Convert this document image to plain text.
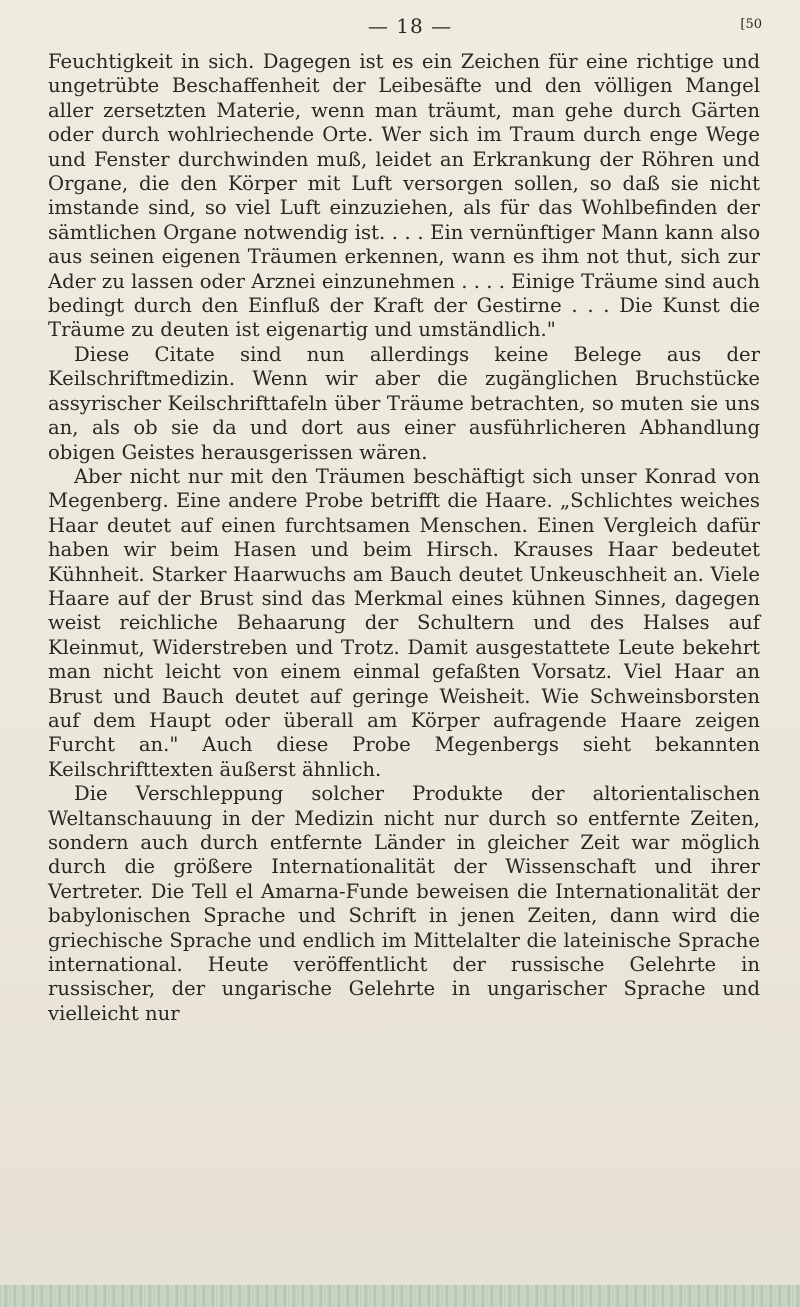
— 18 —	[50

Feuchtigkeit in sich. Dagegen ist es ein Zeichen für eine richtige und ungetrübte Beschaffenheit der Leibesäfte und den völligen Mangel aller zersetzten Materie, wenn man träumt, man gehe durch Gärten oder durch wohlriechende Orte. Wer sich im Traum durch enge Wege und Fenster durchwinden muß, leidet an Erkrankung der Röhren und Organe, die den Körper mit Luft versorgen sollen, so daß sie nicht imstande sind, so viel Luft einzuziehen, als für das Wohlbefinden der sämtlichen Organe notwendig ist. . . . Ein vernünftiger Mann kann also aus seinen eigenen Träumen erkennen, wann es ihm not thut, sich zur Ader zu lassen oder Arznei einzunehmen . . . . Einige Träume sind auch bedingt durch den Einfluß der Kraft der Gestirne . . . Die Kunst die Träume zu deuten ist eigenartig und umständlich."

Diese Citate sind nun allerdings keine Belege aus der Keilschriftmedizin. Wenn wir aber die zugänglichen Bruchstücke assyrischer Keilschrifttafeln über Träume betrachten, so muten sie uns an, als ob sie da und dort aus einer ausführlicheren Abhandlung obigen Geistes herausgerissen wären.

Aber nicht nur mit den Träumen beschäftigt sich unser Konrad von Megenberg. Eine andere Probe betrifft die Haare. „Schlichtes weiches Haar deutet auf einen furchtsamen Menschen. Einen Vergleich dafür haben wir beim Hasen und beim Hirsch. Krauses Haar bedeutet Kühnheit. Starker Haarwuchs am Bauch deutet Unkeuschheit an. Viele Haare auf der Brust sind das Merkmal eines kühnen Sinnes, dagegen weist reichliche Behaarung der Schultern und des Halses auf Kleinmut, Widerstreben und Trotz. Damit ausgestattete Leute bekehrt man nicht leicht von einem einmal gefaßten Vorsatz. Viel Haar an Brust und Bauch deutet auf geringe Weisheit. Wie Schweinsborsten auf dem Haupt oder überall am Körper aufragende Haare zeigen Furcht an." Auch diese Probe Megenbergs sieht bekannten Keilschrifttexten äußerst ähnlich.

Die Verschleppung solcher Produkte der altorientalischen Weltanschauung in der Medizin nicht nur durch so entfernte Zeiten, sondern auch durch entfernte Länder in gleicher Zeit war möglich durch die größere Internationalität der Wissenschaft und ihrer Vertreter. Die Tell el Amarna-Funde beweisen die Internationalität der babylonischen Sprache und Schrift in jenen Zeiten, dann wird die griechische Sprache und endlich im Mittelalter die lateinische Sprache international. Heute veröffentlicht der russische Gelehrte in russischer, der ungarische Gelehrte in ungarischer Sprache und vielleicht nur
